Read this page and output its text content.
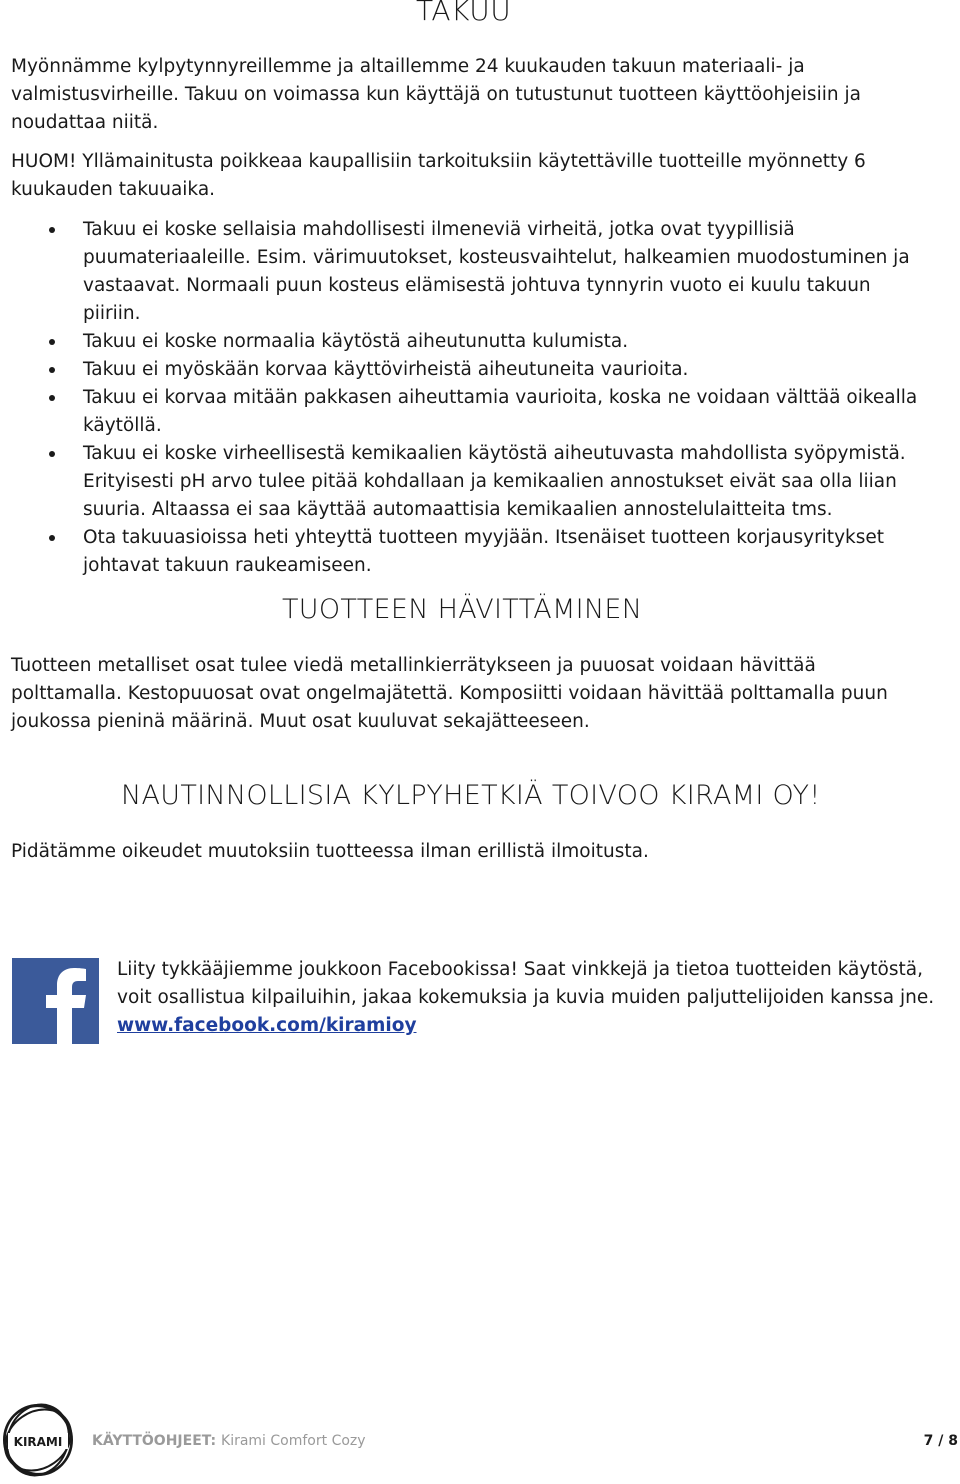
TAKUU

Myönnämme kylpytynnyreillemme ja altaillemme 24 kuukauden takuun materiaali- ja valmistusvirheille. Takuu on voimassa kun käyttäjä on tutustunut tuotteen käyttöohjeisiin ja noudattaa niitä.

HUOM! Yllämainitusta poikkeaa kaupallisiin tarkoituksiin käytettäville tuotteille myönnetty 6 kuukauden takuuaika.

Takuu ei koske sellaisia mahdollisesti ilmeneviä virheitä, jotka ovat tyypillisiä puumateriaaleille. Esim. värimuutokset, kosteusvaihtelut, halkeamien muodostuminen ja vastaavat. Normaali puun kosteus elämisestä johtuva tynnyrin vuoto ei kuulu takuun piiriin.
Takuu ei koske normaalia käytöstä aiheutunutta kulumista.
Takuu ei myöskään korvaa käyttövirheistä aiheutuneita vaurioita.
Takuu ei korvaa mitään pakkasen aiheuttamia vaurioita, koska ne voidaan välttää oikealla käytöllä.
Takuu ei koske virheellisestä kemikaalien käytöstä aiheutuvasta mahdollista syöpymistä. Erityisesti pH arvo tulee pitää kohdallaan ja kemikaalien annostukset eivät saa olla liian suuria. Altaassa ei saa käyttää automaattisia kemikaalien annostelulaitteita tms.
Ota takuuasioissa heti yhteyttä tuotteen myyjään. Itsenäiset tuotteen korjausyritykset johtavat takuun raukeamiseen.
TUOTTEEN HÄVITTÄMINEN

Tuotteen metalliset osat tulee viedä metallinkierrätykseen ja puuosat voidaan hävittää polttamalla. Kestopuuosat ovat ongelmajätettä. Komposiitti voidaan hävittää polttamalla puun joukossa pieninä määrinä. Muut osat kuuluvat sekajätteeseen.

NAUTINNOLLISIA KYLPYHETKIÄ TOIVOO KIRAMI OY!

Pidätämme oikeudet muutoksiin tuotteessa ilman erillistä ilmoitusta.

Liity tykkääjiemme joukkoon Facebookissa! Saat vinkkejä ja tietoa tuotteiden käytöstä, voit osallistua kilpailuihin, jakaa kokemuksia ja kuvia muiden paljuttelijoiden kanssa jne.
www.facebook.com/kiramioy
KIRAMI KÄYTTÖOHJEET: Kirami Comfort Cozy	7 / 8
